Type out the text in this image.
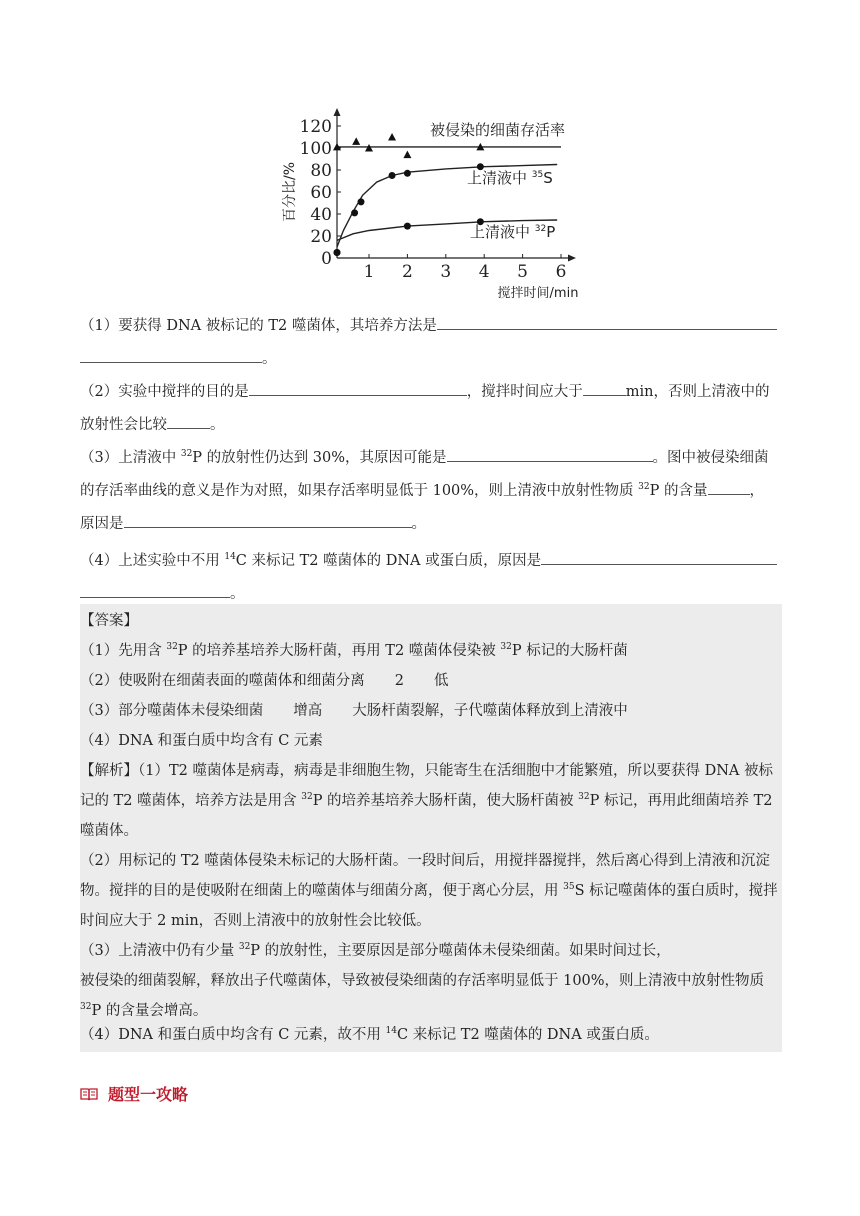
0
20
40
60
80
100
120
1 2 3 4 5 6
百分比/%
搅拌时间/min
被侵染的细菌存活率
上清液中 $^{35}$S
上清液中 $^{32}$P
（1）要获得 DNA 被标记的 T2 噬菌体，其培养方法是
。
（2）实验中搅拌的目的是	，搅拌时间应大于	min，否则上清液中的
放射性会比较	。
（3）上清液中 $^{32}$P 的放射性仍达到 30%，其原因可能是	。图中被侵染细菌
的存活率曲线的意义是作为对照，如果存活率明显低于 100%，则上清液中放射性物质 $^{32}$P 的含量	，
原因是	。
（4）上述实验中不用 $^{14}$C 来标记 T2 噬菌体的 DNA 或蛋白质，原因是
。
【答案】
（1）先用含 $^{32}$P 的培养基培养大肠杆菌，再用 T2 噬菌体侵染被 $^{32}$P 标记的大肠杆菌
（2）使吸附在细菌表面的噬菌体和细菌分离 2 低
（3）部分噬菌体未侵染细菌 增高 大肠杆菌裂解，子代噬菌体释放到上清液中
（4）DNA 和蛋白质中均含有 C 元素
【解析】（1）T2 噬菌体是病毒，病毒是非细胞生物，只能寄生在活细胞中才能繁殖，所以要获得 DNA 被标记的 T2 噬菌体，培养方法是用含 $^{32}$P 的培养基培养大肠杆菌，使大肠杆菌被 $^{32}$P 标记，再用此细菌培养 T2 噬菌体。
（2）用标记的 T2 噬菌体侵染未标记的大肠杆菌。一段时间后，用搅拌器搅拌，然后离心得到上清液和沉淀物。搅拌的目的是使吸附在细菌上的噬菌体与细菌分离，便于离心分层，用 $^{35}$S 标记噬菌体的蛋白质时，搅拌时间应大于 2 min，否则上清液中的放射性会比较低。
（3）上清液中仍有少量 $^{32}$P 的放射性，主要原因是部分噬菌体未侵染细菌。如果时间过长，
被侵染的细菌裂解，释放出子代噬菌体，导致被侵染细菌的存活率明显低于 100%，则上清液中放射性物质 $^{32}$P 的含量会增高。
（4）DNA 和蛋白质中均含有 C 元素，故不用 $^{14}$C 来标记 T2 噬菌体的 DNA 或蛋白质。
题型一攻略
